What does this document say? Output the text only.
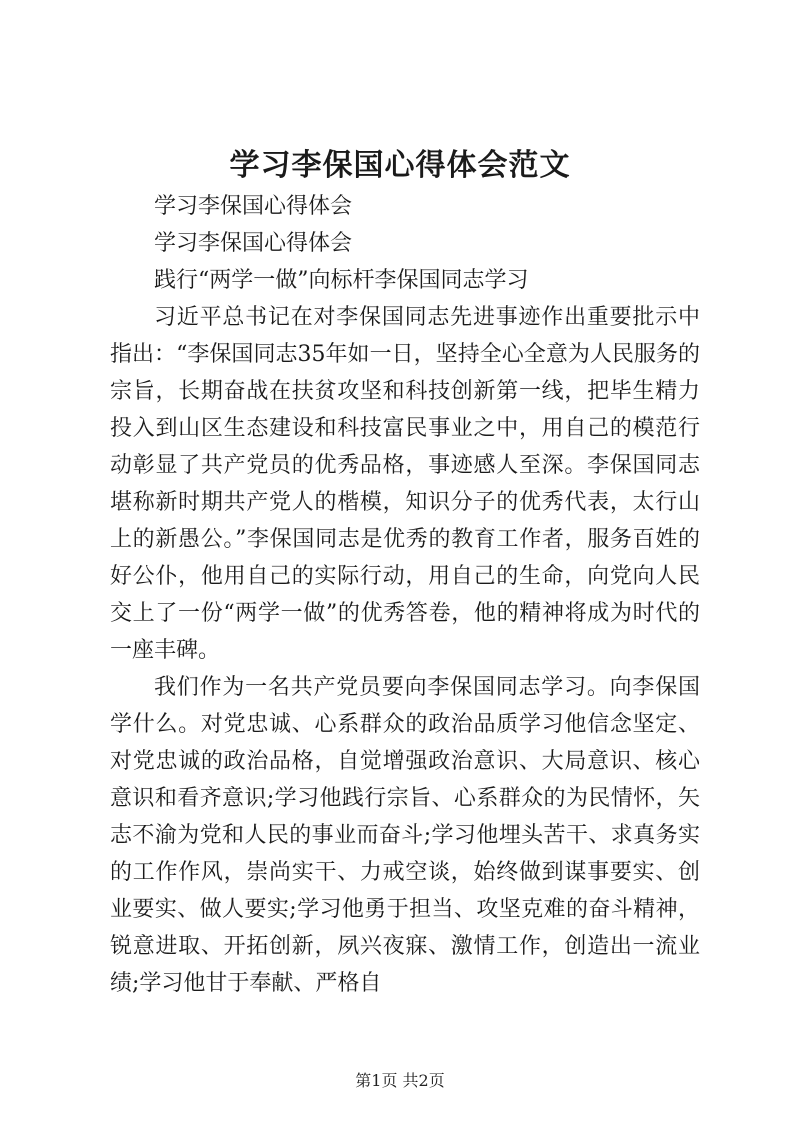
学习李保国心得体会范文

学习李保国心得体会

学习李保国心得体会

践行“两学一做”向标杆李保国同志学习

习近平总书记在对李保国同志先进事迹作出重要批示中指出：“李保国同志35年如一日，坚持全心全意为人民服务的宗旨，长期奋战在扶贫攻坚和科技创新第一线，把毕生精力投入到山区生态建设和科技富民事业之中，用自己的模范行动彰显了共产党员的优秀品格，事迹感人至深。李保国同志堪称新时期共产党人的楷模，知识分子的优秀代表，太行山上的新愚公。”李保国同志是优秀的教育工作者，服务百姓的好公仆，他用自己的实际行动，用自己的生命，向党向人民交上了一份“两学一做”的优秀答卷，他的精神将成为时代的一座丰碑。

我们作为一名共产党员要向李保国同志学习。向李保国学什么。对党忠诚、心系群众的政治品质学习他信念坚定、对党忠诚的政治品格，自觉增强政治意识、大局意识、核心意识和看齐意识;学习他践行宗旨、心系群众的为民情怀，矢志不渝为党和人民的事业而奋斗;学习他埋头苦干、求真务实的工作作风，崇尚实干、力戒空谈，始终做到谋事要实、创业要实、做人要实;学习他勇于担当、攻坚克难的奋斗精神，锐意进取、开拓创新，夙兴夜寐、激情工作，创造出一流业绩;学习他甘于奉献、严格自

第1页 共2页
